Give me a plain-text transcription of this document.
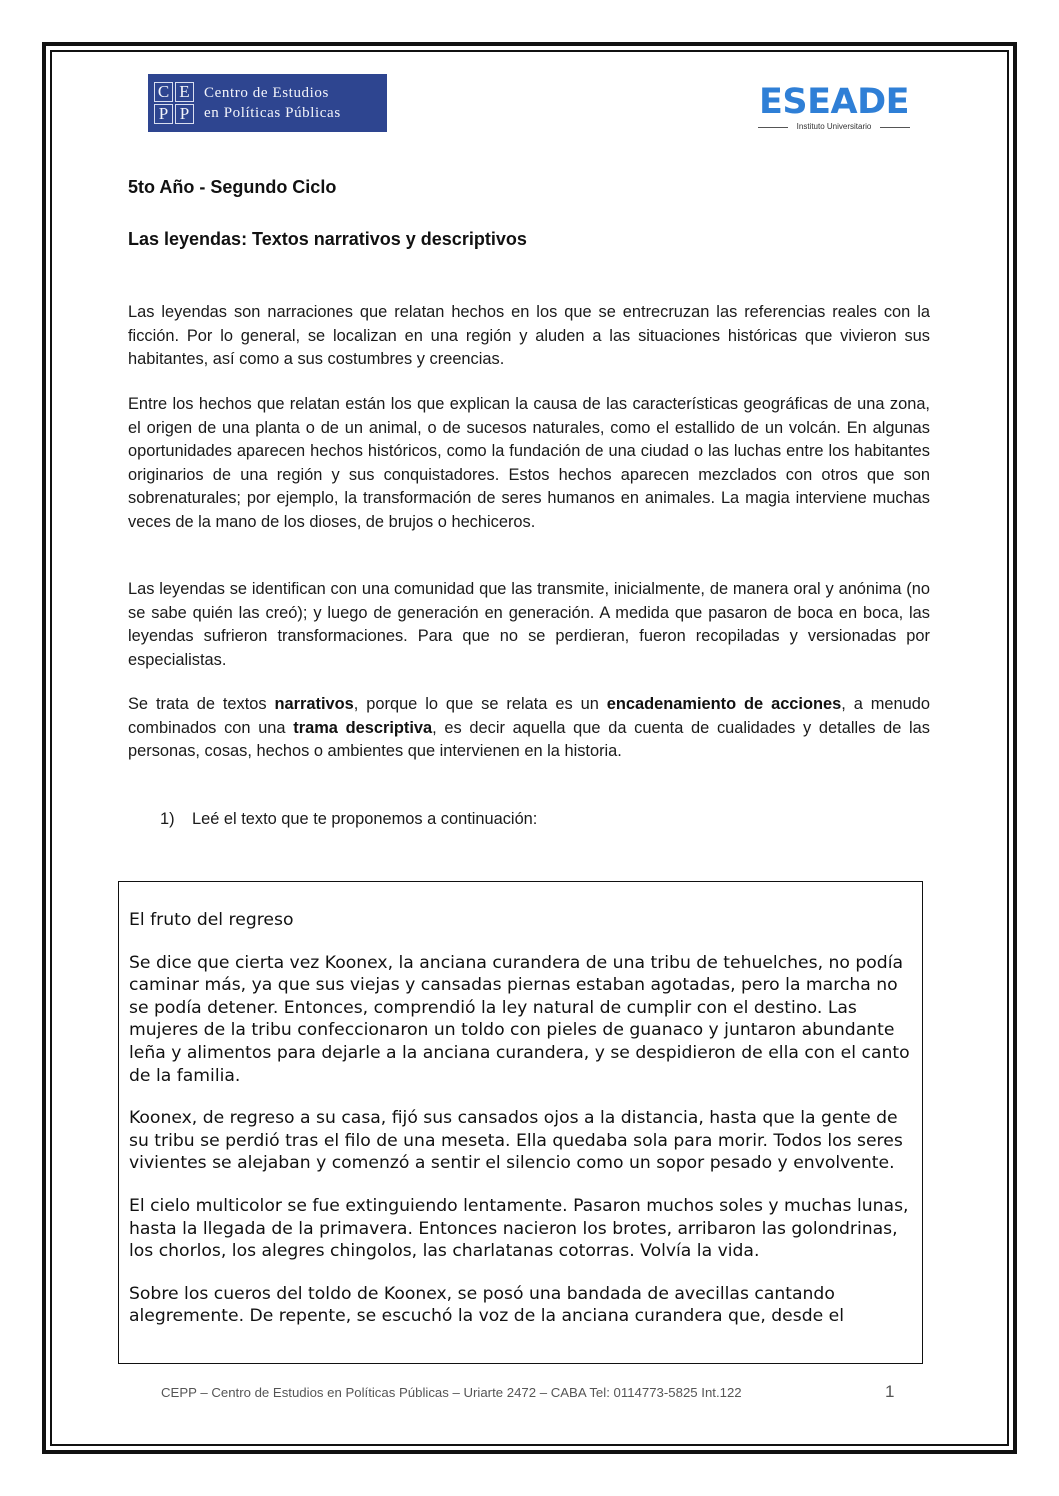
C E
P P
Centro de Estudios
en Políticas Públicas	ESEADE
Instituto Universitario
5to Año - Segundo Ciclo
Las leyendas: Textos narrativos y descriptivos
Las leyendas son narraciones que relatan hechos en los que se entrecruzan las referencias reales con la ficción. Por lo general, se localizan en una región y aluden a las situaciones históricas que vivieron sus habitantes, así como a sus costumbres y creencias.
Entre los hechos que relatan están los que explican la causa de las características geográficas de una zona, el origen de una planta o de un animal, o de sucesos naturales, como el estallido de un volcán. En algunas oportunidades aparecen hechos históricos, como la fundación de una ciudad o las luchas entre los habitantes originarios de una región y sus conquistadores. Estos hechos aparecen mezclados con otros que son sobrenaturales; por ejemplo, la transformación de seres humanos en animales. La magia interviene muchas veces de la mano de los dioses, de brujos o hechiceros.
Las leyendas se identifican con una comunidad que las transmite, inicialmente, de manera oral y anónima (no se sabe quién las creó); y luego de generación en generación. A medida que pasaron de boca en boca, las leyendas sufrieron transformaciones. Para que no se perdieran, fueron recopiladas y versionadas por especialistas.
Se trata de textos narrativos, porque lo que se relata es un encadenamiento de acciones, a menudo combinados con una trama descriptiva, es decir aquella que da cuenta de cualidades y detalles de las personas, cosas, hechos o ambientes que intervienen en la historia.
1) Leé el texto que te proponemos a continuación:
El fruto del regreso
Se dice que cierta vez Koonex, la anciana curandera de una tribu de tehuelches, no podía caminar más, ya que sus viejas y cansadas piernas estaban agotadas, pero la marcha no se podía detener. Entonces, comprendió la ley natural de cumplir con el destino. Las mujeres de la tribu confeccionaron un toldo con pieles de guanaco y juntaron abundante leña y alimentos para dejarle a la anciana curandera, y se despidieron de ella con el canto de la familia.
Koonex, de regreso a su casa, fijó sus cansados ojos a la distancia, hasta que la gente de su tribu se perdió tras el filo de una meseta. Ella quedaba sola para morir. Todos los seres vivientes se alejaban y comenzó a sentir el silencio como un sopor pesado y envolvente.
El cielo multicolor se fue extinguiendo lentamente. Pasaron muchos soles y muchas lunas, hasta la llegada de la primavera. Entonces nacieron los brotes, arribaron las golondrinas, los chorlos, los alegres chingolos, las charlatanas cotorras. Volvía la vida.
Sobre los cueros del toldo de Koonex, se posó una bandada de avecillas cantando alegremente. De repente, se escuchó la voz de la anciana curandera que, desde el
CEPP – Centro de Estudios en Políticas Públicas – Uriarte 2472 – CABA Tel: 0114773-5825 Int.122	1
